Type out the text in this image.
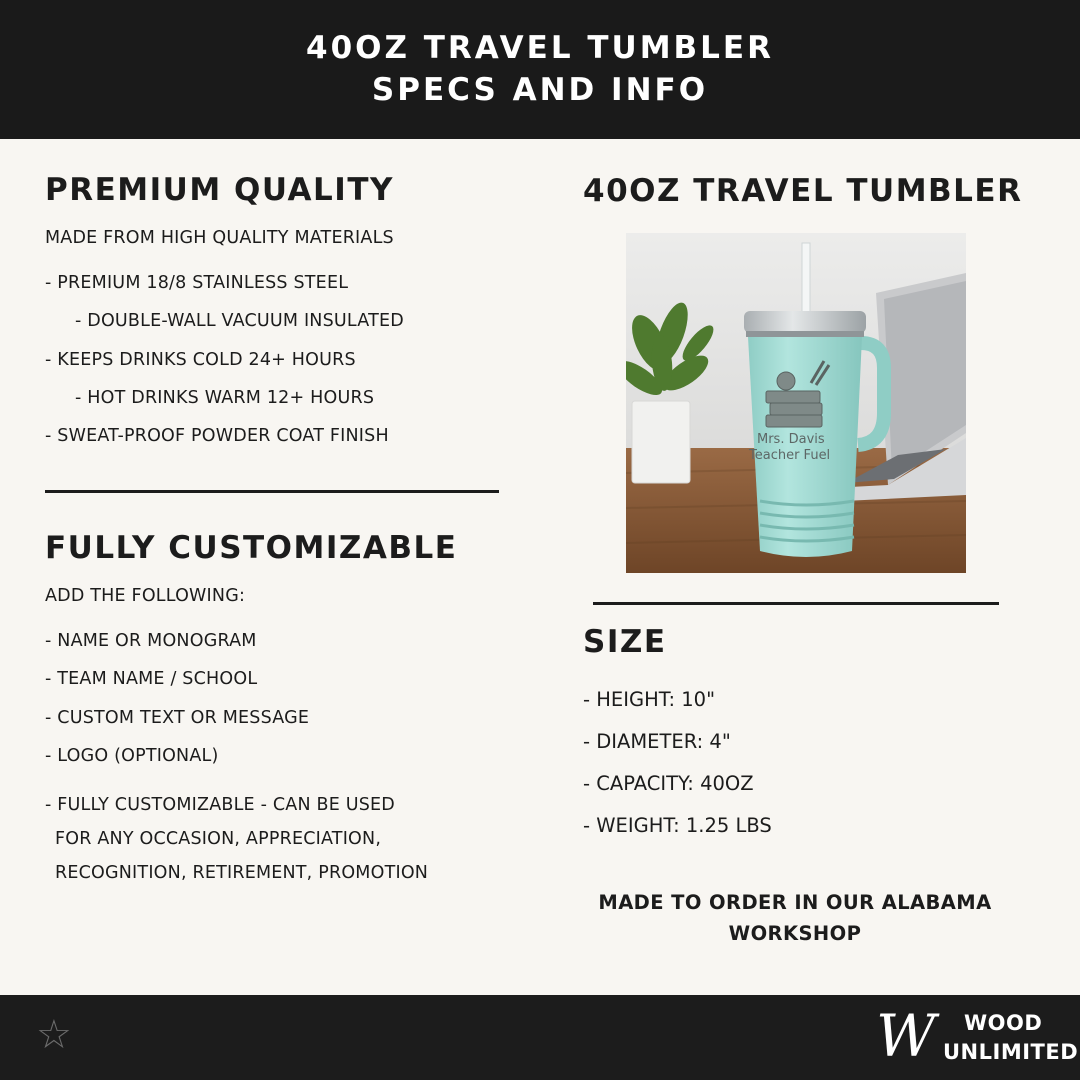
40OZ TRAVEL TUMBLER
SPECS AND INFO
PREMIUM QUALITY
MADE FROM HIGH QUALITY MATERIALS
- PREMIUM 18/8 STAINLESS STEEL
- DOUBLE-WALL VACUUM INSULATED
- KEEPS DRINKS COLD 24+ HOURS
- HOT DRINKS WARM 12+ HOURS
- SWEAT-PROOF POWDER COAT FINISH
FULLY CUSTOMIZABLE
ADD THE FOLLOWING:
- NAME OR MONOGRAM
- TEAM NAME / SCHOOL
- CUSTOM TEXT OR MESSAGE
- LOGO (OPTIONAL)
- FULLY CUSTOMIZABLE - CAN BE USED
FOR ANY OCCASION, APPRECIATION,
RECOGNITION, RETIREMENT, PROMOTION
40OZ TRAVEL TUMBLER
Mrs. Davis
Teacher Fuel
SIZE
- HEIGHT: 10"
- DIAMETER: 4"
- CAPACITY: 40OZ
- WEIGHT: 1.25 LBS
MADE TO ORDER IN OUR ALABAMA
WORKSHOP
☆	W WOOD
UNLIMITED
